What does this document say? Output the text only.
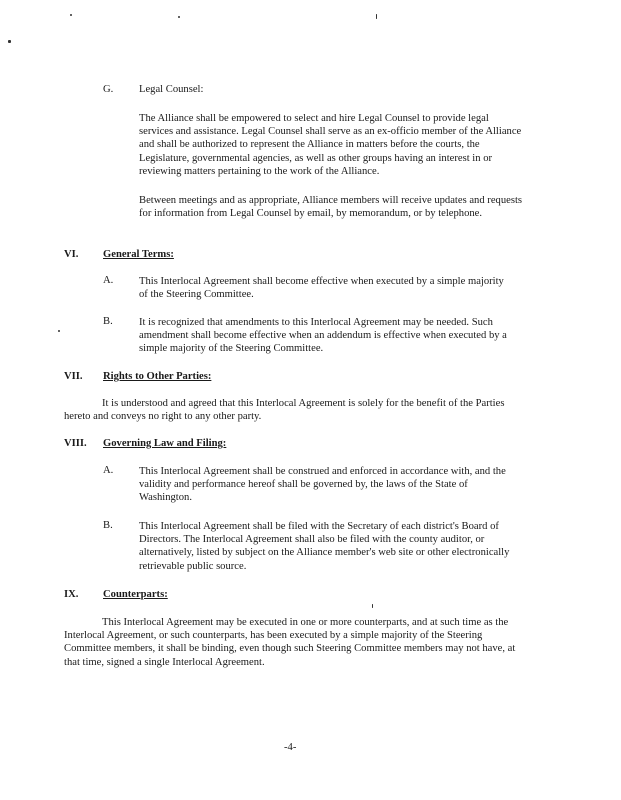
G. Legal Counsel:
The Alliance shall be empowered to select and hire Legal Counsel to provide legal services and assistance. Legal Counsel shall serve as an ex-officio member of the Alliance and shall be authorized to represent the Alliance in matters before the courts, the Legislature, governmental agencies, as well as other groups having an interest in or reviewing matters pertaining to the work of the Alliance.
Between meetings and as appropriate, Alliance members will receive updates and requests for information from Legal Counsel by email, by memorandum, or by telephone.
VI. General Terms:
A. This Interlocal Agreement shall become effective when executed by a simple majority of the Steering Committee.
B. It is recognized that amendments to this Interlocal Agreement may be needed. Such amendment shall become effective when an addendum is effective when executed by a simple majority of the Steering Committee.
VII. Rights to Other Parties:
It is understood and agreed that this Interlocal Agreement is solely for the benefit of the Parties hereto and conveys no right to any other party.
VIII. Governing Law and Filing:
A. This Interlocal Agreement shall be construed and enforced in accordance with, and the validity and performance hereof shall be governed by, the laws of the State of Washington.
B. This Interlocal Agreement shall be filed with the Secretary of each district's Board of Directors. The Interlocal Agreement shall also be filed with the county auditor, or alternatively, listed by subject on the Alliance member's web site or other electronically retrievable public source.
IX. Counterparts:
This Interlocal Agreement may be executed in one or more counterparts, and at such time as the Interlocal Agreement, or such counterparts, has been executed by a simple majority of the Steering Committee members, it shall be binding, even though such Steering Committee members may not have, at that time, signed a single Interlocal Agreement.
-4-
